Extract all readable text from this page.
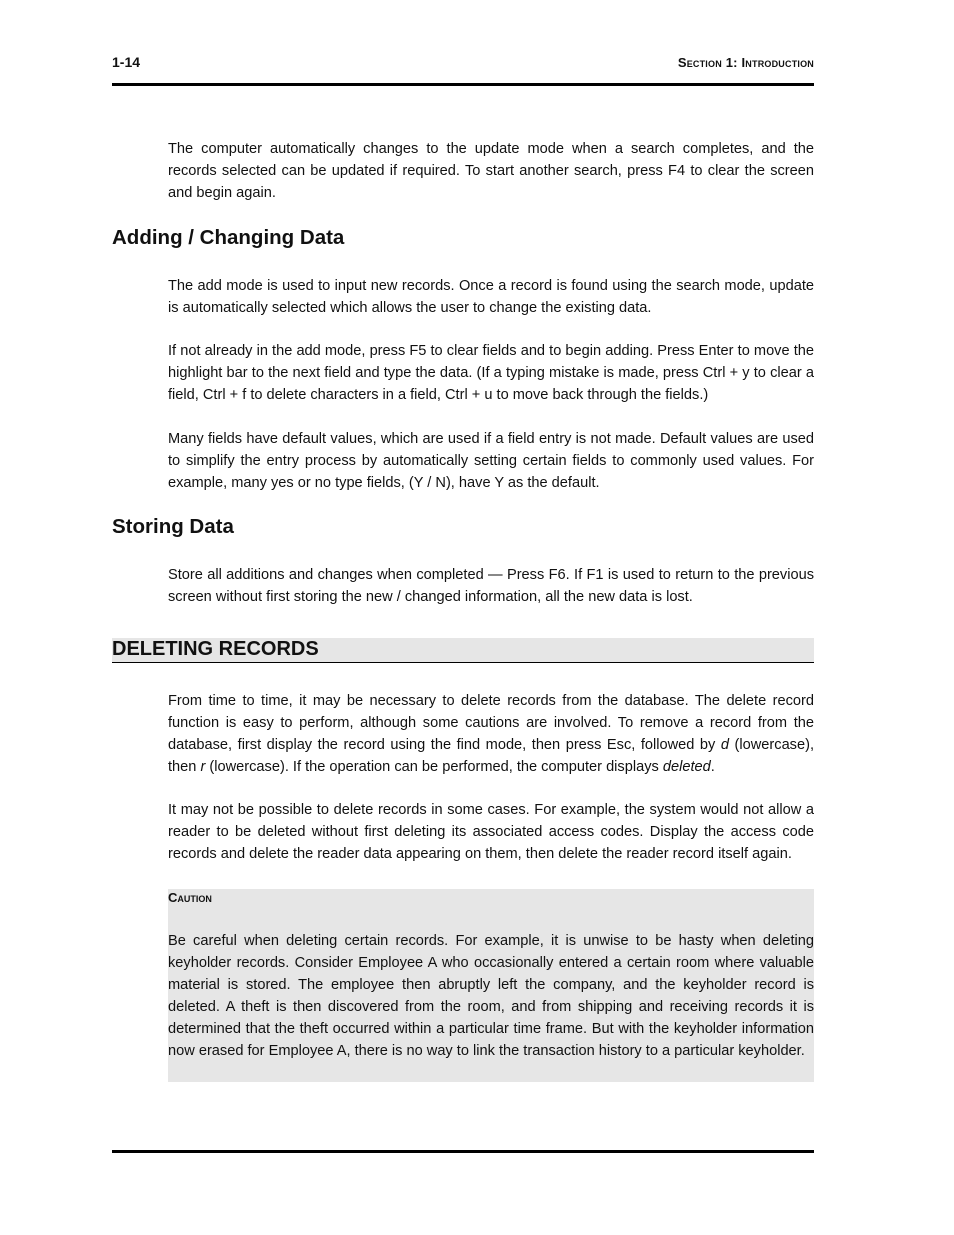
1-14	Section 1: Introduction

The computer automatically changes to the update mode when a search completes, and the records selected can be updated if required. To start another search, press F4 to clear the screen and begin again.

Adding / Changing Data

The add mode is used to input new records. Once a record is found using the search mode, update is automatically selected which allows the user to change the existing data.

If not already in the add mode, press F5 to clear fields and to begin adding. Press Enter to move the highlight bar to the next field and type the data. (If a typing mistake is made, press Ctrl + y to clear a field, Ctrl + f to delete characters in a field, Ctrl + u to move back through the fields.)

Many fields have default values, which are used if a field entry is not made. Default values are used to simplify the entry process by automatically setting certain fields to commonly used values. For example, many yes or no type fields, (Y / N), have Y as the default.

Storing Data

Store all additions and changes when completed — Press F6. If F1 is used to return to the previous screen without first storing the new / changed information, all the new data is lost.

DELETING RECORDS

From time to time, it may be necessary to delete records from the database. The delete record function is easy to perform, although some cautions are involved. To remove a record from the database, first display the record using the find mode, then press Esc, followed by d (lowercase), then r (lowercase). If the operation can be performed, the computer displays deleted.

It may not be possible to delete records in some cases. For example, the system would not allow a reader to be deleted without first deleting its associated access codes. Display the access code records and delete the reader data appearing on them, then delete the reader record itself again.

Caution

Be careful when deleting certain records. For example, it is unwise to be hasty when deleting keyholder records. Consider Employee A who occasionally entered a certain room where valuable material is stored. The employee then abruptly left the company, and the keyholder record is deleted. A theft is then discovered from the room, and from shipping and receiving records it is determined that the theft occurred within a particular time frame. But with the keyholder information now erased for Employee A, there is no way to link the transaction history to a particular keyholder.
